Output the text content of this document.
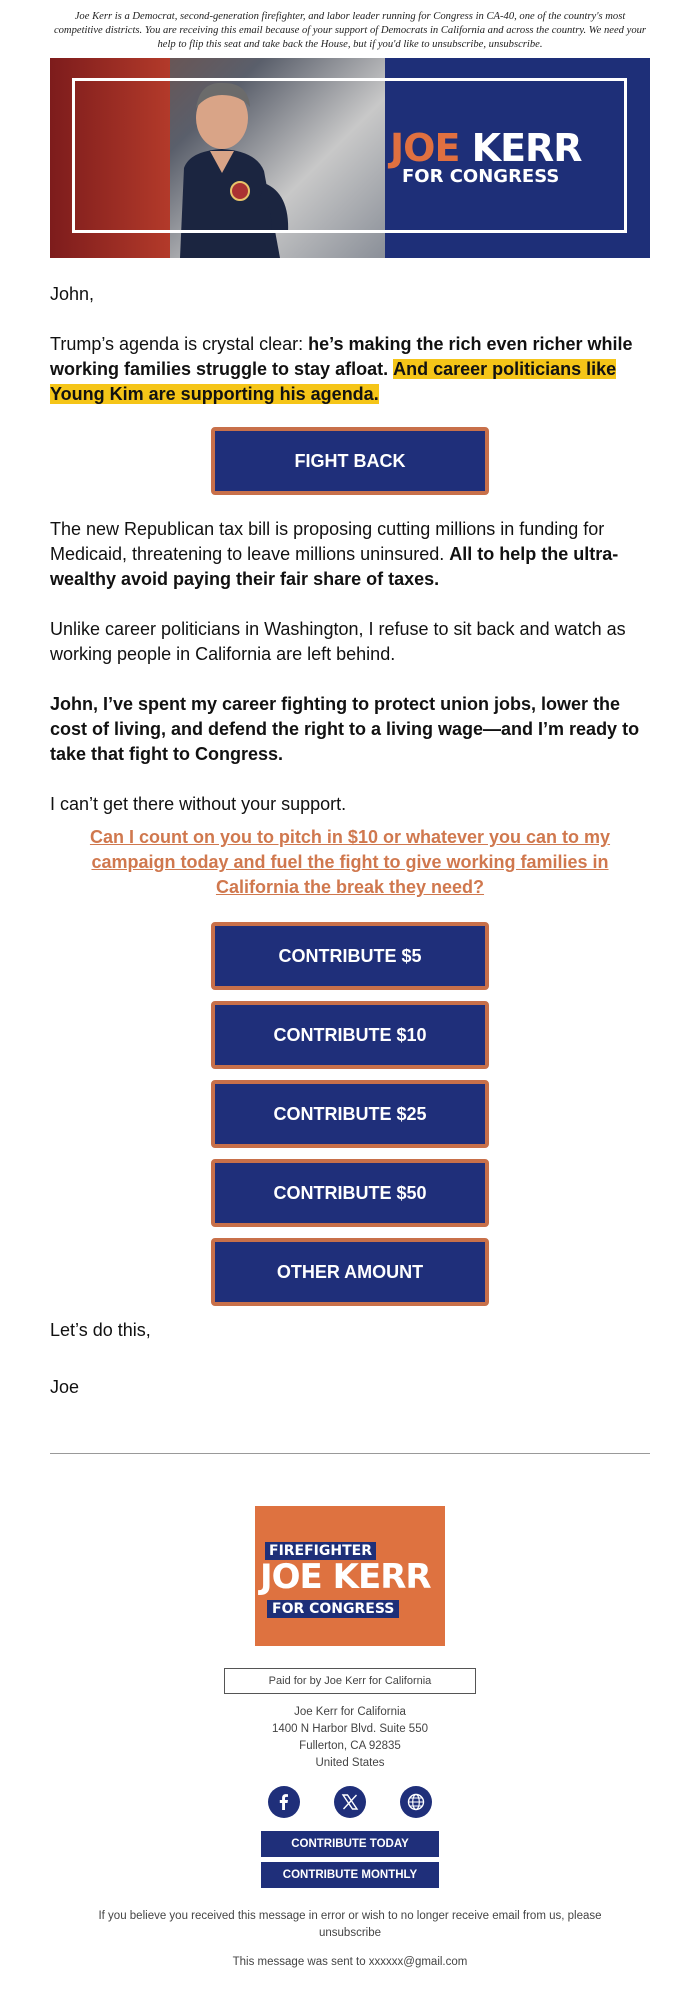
Joe Kerr is a Democrat, second-generation firefighter, and labor leader running for Congress in CA-40, one of the country's most competitive districts. You are receiving this email because of your support of Democrats in California and across the country. We need your help to flip this seat and take back the House, but if you'd like to unsubscribe, unsubscribe.
JOE KERR
FOR CONGRESS

John,

Trump’s agenda is crystal clear: he’s making the rich even richer while working families struggle to stay afloat. And career politicians like Young Kim are supporting his agenda.

FIGHT BACK

The new Republican tax bill is proposing cutting millions in funding for Medicaid, threatening to leave millions uninsured. All to help the ultra-wealthy avoid paying their fair share of taxes.

Unlike career politicians in Washington, I refuse to sit back and watch as working people in California are left behind.

John, I’ve spent my career fighting to protect union jobs, lower the cost of living, and defend the right to a living wage—and I’m ready to take that fight to Congress.

I can’t get there without your support.

Can I count on you to pitch in $10 or whatever you can to my campaign today and fuel the fight to give working families in California the break they need?
CONTRIBUTE $5
CONTRIBUTE $10
CONTRIBUTE $25
CONTRIBUTE $50
OTHER AMOUNT

Let’s do this,

Joe

FIREFIGHTER
JOE KERR
FOR CONGRESS
Paid for by Joe Kerr for California
Joe Kerr for California
1400 N Harbor Blvd. Suite 550
Fullerton, CA 92835
United States

CONTRIBUTE TODAY
CONTRIBUTE MONTHLY
If you believe you received this message in error or wish to no longer receive email from us, please unsubscribe
This message was sent to xxxxxx@gmail.com
